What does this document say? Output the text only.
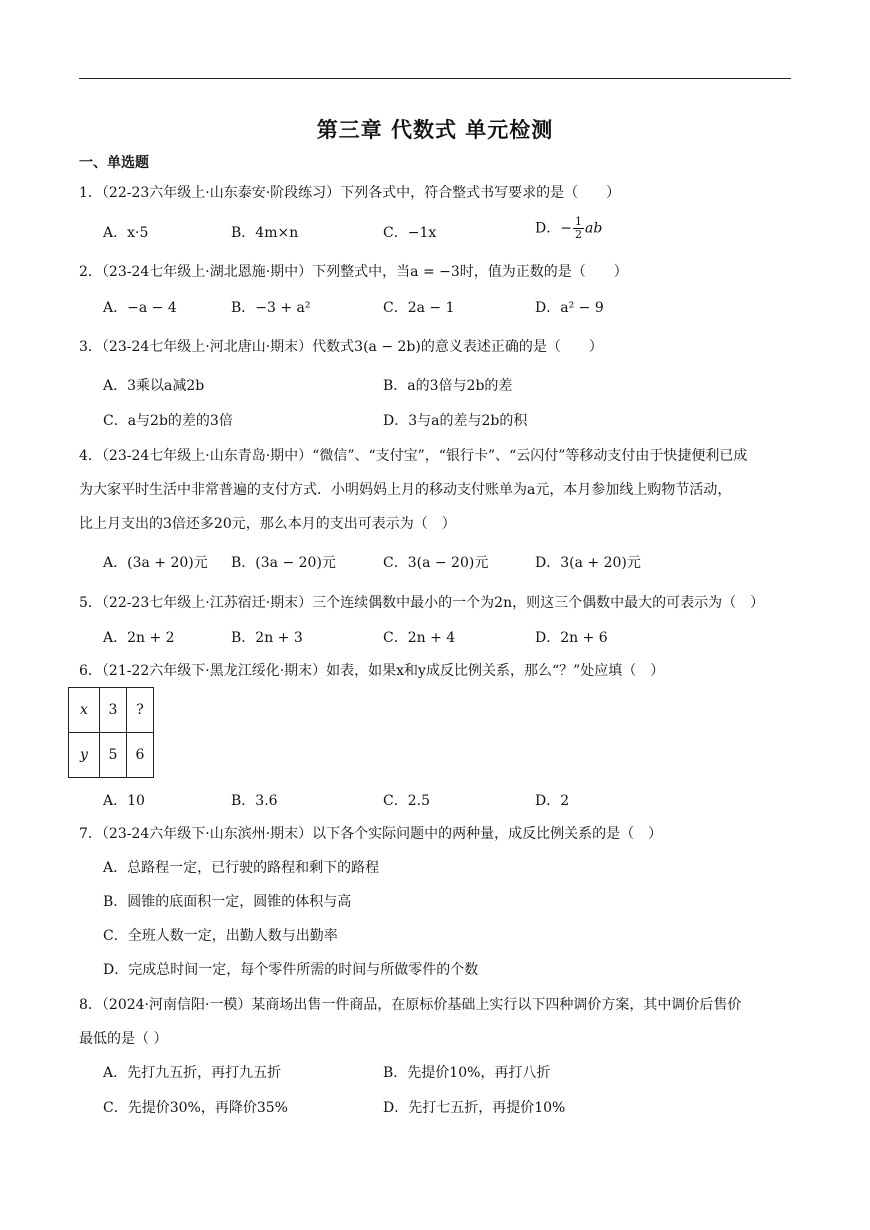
第三章 代数式 单元检测
一、单选题
1．（22-23六年级上·山东泰安·阶段练习）下列各式中，符合整式书写要求的是（　　）
A．x·5	B．4m×n	C．−1x	D．− $\frac{1}{2}$ ab
2．（23-24七年级上·湖北恩施·期中）下列整式中，当a = −3时，值为正数的是（　　）
A．−a − 4	B．−3 + a²	C．2a − 1	D．a² − 9
3．（23-24七年级上·河北唐山·期末）代数式3(a − 2b)的意义表述正确的是（　　）
A．3乘以a减2b	B．a的3倍与2b的差
C．a与2b的差的3倍	D．3与a的差与2b的积
4．（23-24七年级上·山东青岛·期中）“微信”、“支付宝”，“银行卡”、“云闪付”等移动支付由于快捷便利已成
为大家平时生活中非常普遍的支付方式．小明妈妈上月的移动支付账单为a元，本月参加线上购物节活动，
比上月支出的3倍还多20元，那么本月的支出可表示为（　）
A．(3a + 20)元 B．(3a − 20)元	C．3(a − 20)元	D．3(a + 20)元
5．（22-23七年级上·江苏宿迁·期末）三个连续偶数中最小的一个为2n，则这三个偶数中最大的可表示为（　）
A．2n + 2	B．2n + 3	C．2n + 4	D．2n + 6
6．（21-22六年级下·黑龙江绥化·期末）如表，如果x和y成反比例关系，那么“？”处应填（　）
x	3	?
y	5	6
A．10	B．3.6	C．2.5	D．2
7．（23-24六年级下·山东滨州·期末）以下各个实际问题中的两种量，成反比例关系的是（　）
A．总路程一定，已行驶的路程和剩下的路程
B．圆锥的底面积一定，圆锥的体积与高
C．全班人数一定，出勤人数与出勤率
D．完成总时间一定，每个零件所需的时间与所做零件的个数
8．（2024·河南信阳·一模）某商场出售一件商品，在原标价基础上实行以下四种调价方案，其中调价后售价
最低的是（ ）
A．先打九五折，再打九五折	B．先提价10%，再打八折
C．先提价30%，再降价35%	D．先打七五折，再提价10%
